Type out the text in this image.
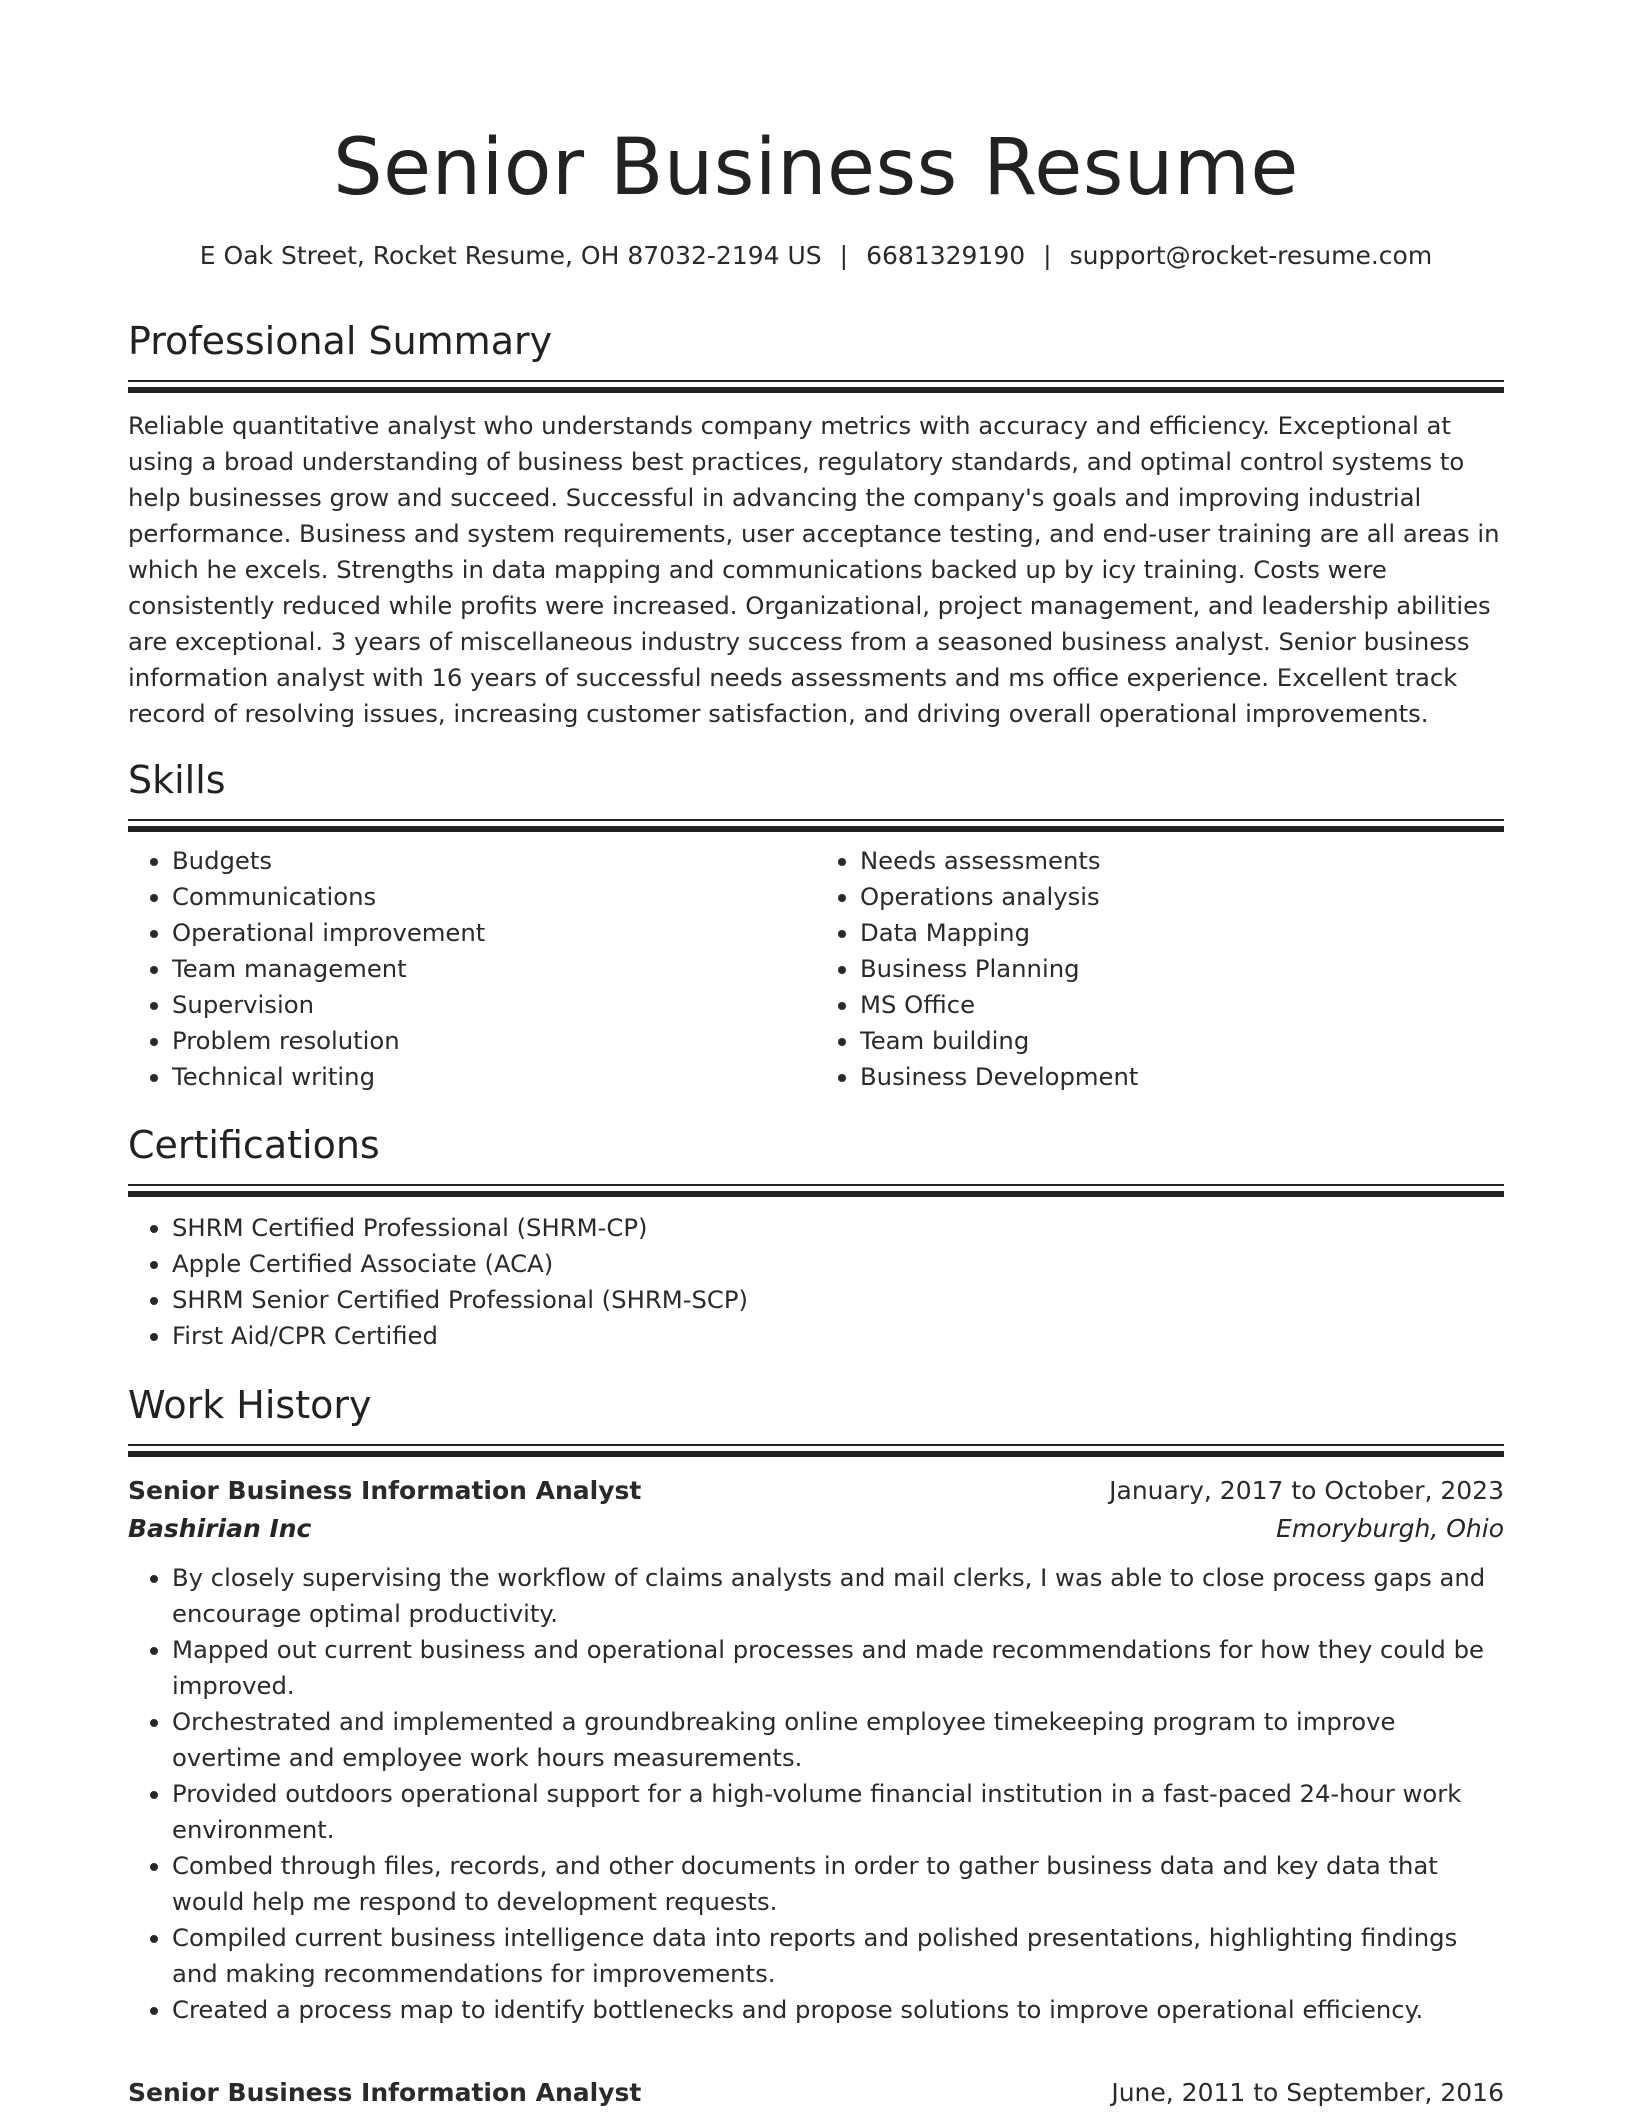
Senior Business Resume
E Oak Street, Rocket Resume, OH 87032-2194 US | 6681329190 | support@rocket-resume.com
Professional Summary

Reliable quantitative analyst who understands company metrics with accuracy and efficiency. Exceptional at using a broad understanding of business best practices, regulatory standards, and optimal control systems to help businesses grow and succeed. Successful in advancing the company's goals and improving industrial performance. Business and system requirements, user acceptance testing, and end-user training are all areas in which he excels. Strengths in data mapping and communications backed up by icy training. Costs were consistently reduced while profits were increased. Organizational, project management, and leadership abilities are exceptional. 3 years of miscellaneous industry success from a seasoned business analyst. Senior business information analyst with 16 years of successful needs assessments and ms office experience. Excellent track record of resolving issues, increasing customer satisfaction, and driving overall operational improvements.

Skills
• Budgets
• Communications
• Operational improvement
• Team management
• Supervision
• Problem resolution
• Technical writing
• Needs assessments
• Operations analysis
• Data Mapping
• Business Planning
• MS Office
• Team building
• Business Development
Certifications
• SHRM Certified Professional (SHRM-CP)
• Apple Certified Associate (ACA)
• SHRM Senior Certified Professional (SHRM-SCP)
• First Aid/CPR Certified
Work History
Senior Business Information Analyst	January, 2017 to October, 2023
Bashirian Inc	Emoryburgh, Ohio
• By closely supervising the workflow of claims analysts and mail clerks, I was able to close process gaps and encourage optimal productivity.
• Mapped out current business and operational processes and made recommendations for how they could be improved.
• Orchestrated and implemented a groundbreaking online employee timekeeping program to improve overtime and employee work hours measurements.
• Provided outdoors operational support for a high-volume financial institution in a fast-paced 24-hour work environment.
• Combed through files, records, and other documents in order to gather business data and key data that would help me respond to development requests.
• Compiled current business intelligence data into reports and polished presentations, highlighting findings and making recommendations for improvements.
• Created a process map to identify bottlenecks and propose solutions to improve operational efficiency.
Senior Business Information Analyst	June, 2011 to September, 2016
